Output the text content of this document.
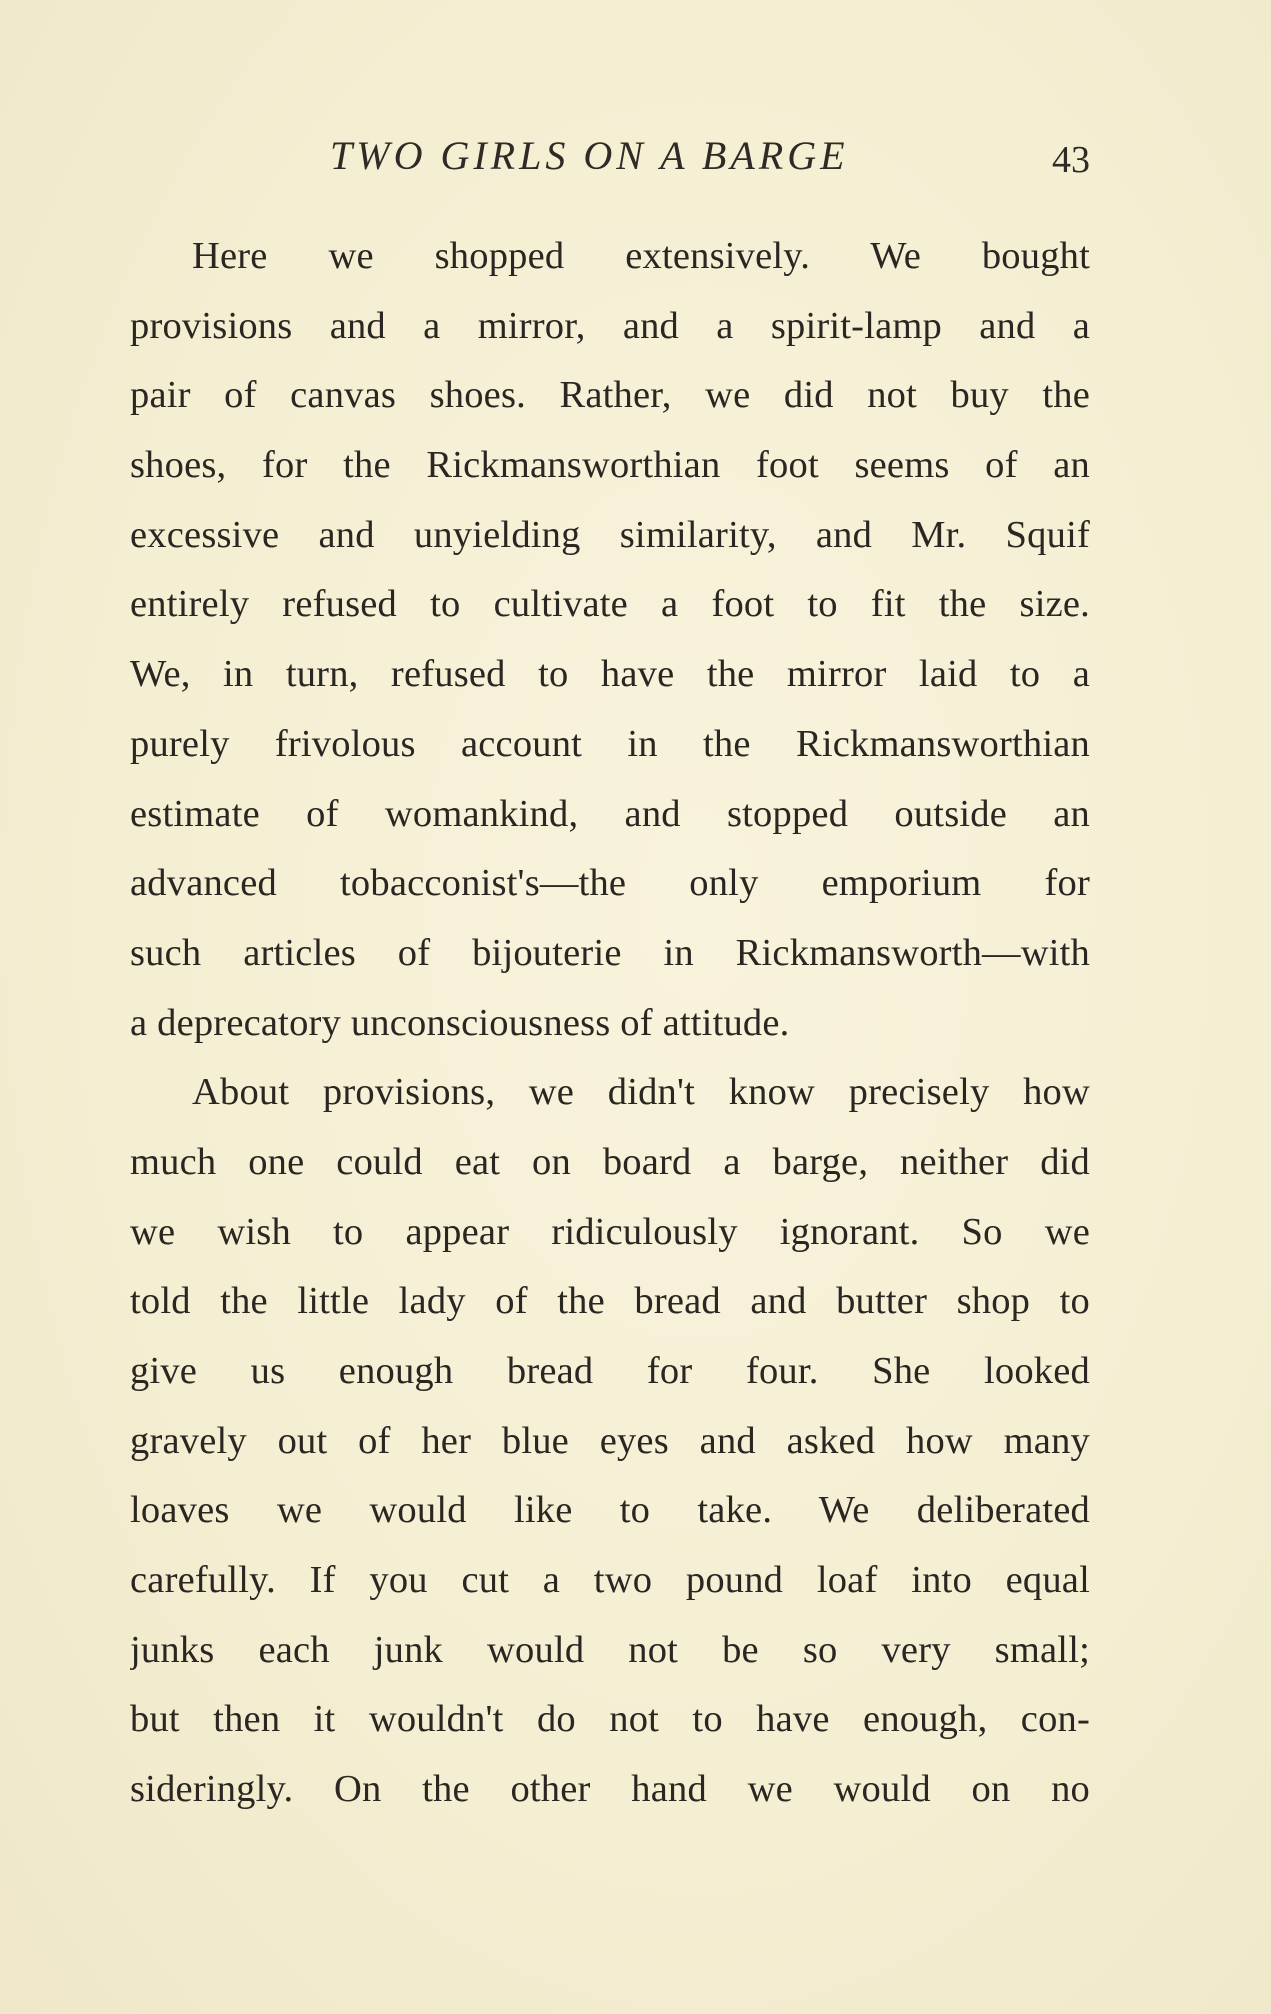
TWO GIRLS ON A BARGE	43
Here we shopped extensively. We bought
provisions and a mirror, and a spirit-lamp and a
pair of canvas shoes. Rather, we did not buy the
shoes, for the Rickmansworthian foot seems of an
excessive and unyielding similarity, and Mr. Squif
entirely refused to cultivate a foot to fit the size.
We, in turn, refused to have the mirror laid to a
purely frivolous account in the Rickmansworthian
estimate of womankind, and stopped outside an
advanced tobacconist's—the only emporium for
such articles of bijouterie in Rickmansworth—with
a deprecatory unconsciousness of attitude.
About provisions, we didn't know precisely how
much one could eat on board a barge, neither did
we wish to appear ridiculously ignorant. So we
told the little lady of the bread and butter shop to
give us enough bread for four. She looked
gravely out of her blue eyes and asked how many
loaves we would like to take. We deliberated
carefully. If you cut a two pound loaf into equal
junks each junk would not be so very small;
but then it wouldn't do not to have enough, con-
sideringly. On the other hand we would on no
